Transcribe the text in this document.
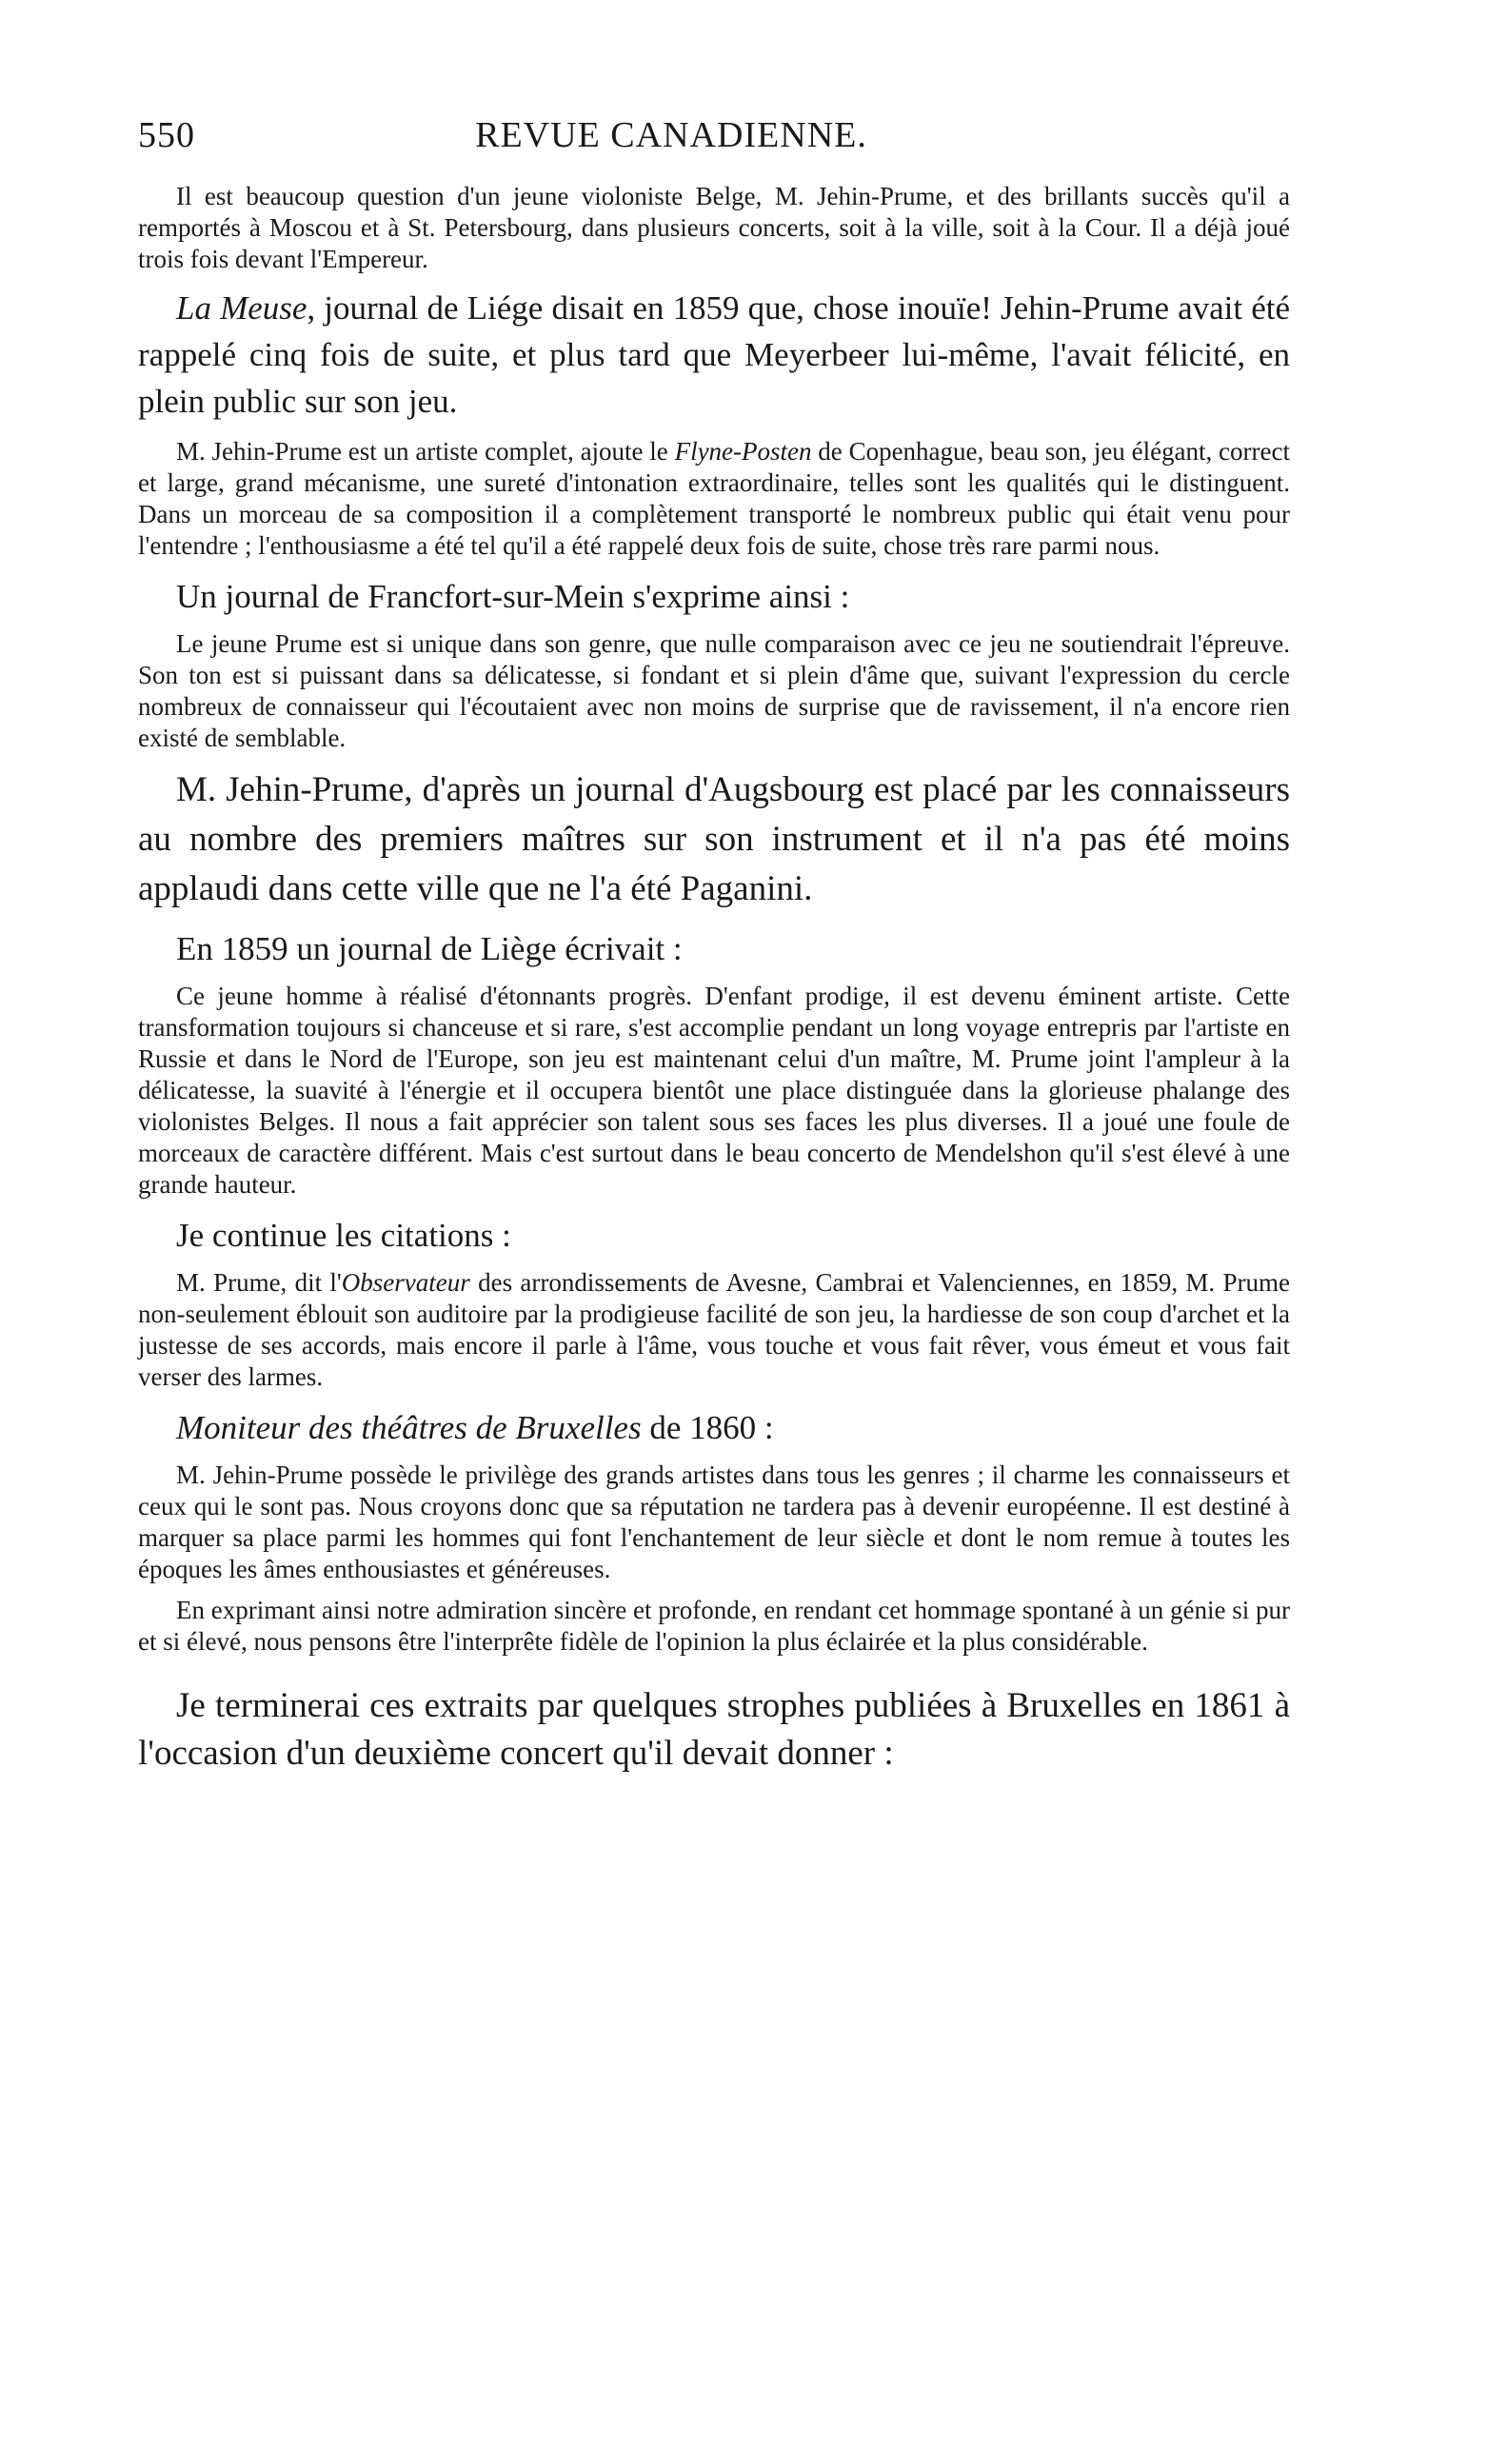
550	REVUE CANADIENNE.

Il est beaucoup question d'un jeune violoniste Belge, M. Jehin-Prume, et des brillants succès qu'il a remportés à Moscou et à St. Petersbourg, dans plusieurs concerts, soit à la ville, soit à la Cour. Il a déjà joué trois fois devant l'Empereur.

La Meuse, journal de Liége disait en 1859 que, chose inouïe! Jehin-Prume avait été rappelé cinq fois de suite, et plus tard que Meyerbeer lui-même, l'avait félicité, en plein public sur son jeu.

M. Jehin-Prume est un artiste complet, ajoute le Flyne-Posten de Copenhague, beau son, jeu élégant, correct et large, grand mécanisme, une sureté d'intonation extraordinaire, telles sont les qualités qui le distinguent. Dans un morceau de sa composition il a complètement transporté le nombreux public qui était venu pour l'entendre ; l'enthousiasme a été tel qu'il a été rappelé deux fois de suite, chose très rare parmi nous.

Un journal de Francfort-sur-Mein s'exprime ainsi :

Le jeune Prume est si unique dans son genre, que nulle comparaison avec ce jeu ne soutiendrait l'épreuve. Son ton est si puissant dans sa délicatesse, si fondant et si plein d'âme que, suivant l'expression du cercle nombreux de connaisseur qui l'écoutaient avec non moins de surprise que de ravissement, il n'a encore rien existé de semblable.

M. Jehin-Prume, d'après un journal d'Augsbourg est placé par les connaisseurs au nombre des premiers maîtres sur son instrument et il n'a pas été moins applaudi dans cette ville que ne l'a été Paganini.

En 1859 un journal de Liège écrivait :

Ce jeune homme à réalisé d'étonnants progrès. D'enfant prodige, il est devenu éminent artiste. Cette transformation toujours si chanceuse et si rare, s'est accomplie pendant un long voyage entrepris par l'artiste en Russie et dans le Nord de l'Europe, son jeu est maintenant celui d'un maître, M. Prume joint l'ampleur à la délicatesse, la suavité à l'énergie et il occupera bientôt une place distinguée dans la glorieuse phalange des violonistes Belges. Il nous a fait apprécier son talent sous ses faces les plus diverses. Il a joué une foule de morceaux de caractère différent. Mais c'est surtout dans le beau concerto de Mendelshon qu'il s'est élevé à une grande hauteur.

Je continue les citations :

M. Prume, dit l'Observateur des arrondissements de Avesne, Cambrai et Valenciennes, en 1859, M. Prume non-seulement éblouit son auditoire par la prodigieuse facilité de son jeu, la hardiesse de son coup d'archet et la justesse de ses accords, mais encore il parle à l'âme, vous touche et vous fait rêver, vous émeut et vous fait verser des larmes.

Moniteur des théâtres de Bruxelles de 1860 :

M. Jehin-Prume possède le privilège des grands artistes dans tous les genres ; il charme les connaisseurs et ceux qui le sont pas. Nous croyons donc que sa réputation ne tardera pas à devenir européenne. Il est destiné à marquer sa place parmi les hommes qui font l'enchantement de leur siècle et dont le nom remue à toutes les époques les âmes enthousiastes et généreuses.

En exprimant ainsi notre admiration sincère et profonde, en rendant cet hommage spontané à un génie si pur et si élevé, nous pensons être l'interprête fidèle de l'opinion la plus éclairée et la plus considérable.

Je terminerai ces extraits par quelques strophes publiées à Bruxelles en 1861 à l'occasion d'un deuxième concert qu'il devait donner :
